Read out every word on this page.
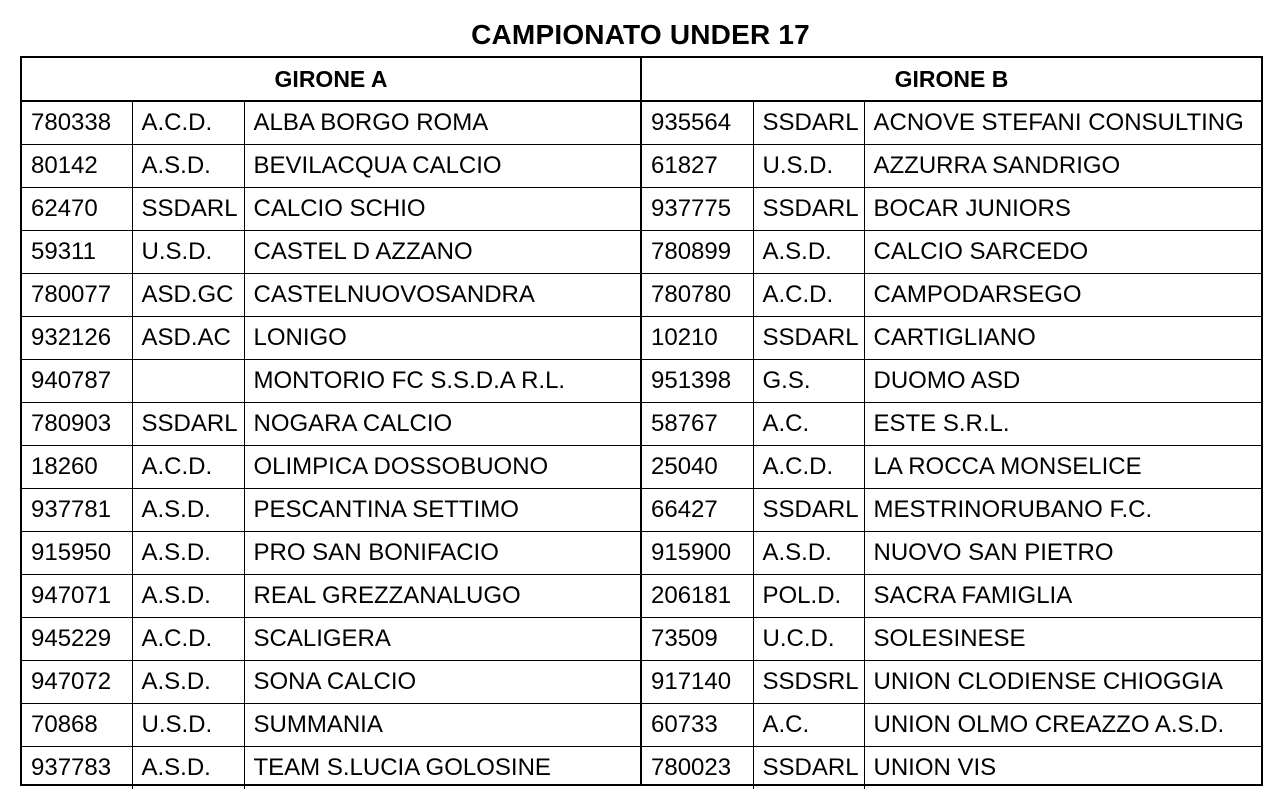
CAMPIONATO UNDER 17
GIRONE A		
780338	A.C.D.	ALBA BORGO ROMA
80142	A.S.D.	BEVILACQUA CALCIO
62470	SSDARL	CALCIO SCHIO
59311	U.S.D.	CASTEL D AZZANO
780077	ASD.GC	CASTELNUOVOSANDRA
932126	ASD.AC	LONIGO
940787		MONTORIO FC S.S.D.A R.L.
780903	SSDARL	NOGARA CALCIO
18260	A.C.D.	OLIMPICA DOSSOBUONO
937781	A.S.D.	PESCANTINA SETTIMO
915950	A.S.D.	PRO SAN BONIFACIO
947071	A.S.D.	REAL GREZZANALUGO
945229	A.C.D.	SCALIGERA
947072	A.S.D.	SONA CALCIO
70868	U.S.D.	SUMMANIA
937783	A.S.D.	TEAM S.LUCIA GOLOSINE
GIRONE B		
935564	SSDARL	ACNOVE STEFANI CONSULTING
61827	U.S.D.	AZZURRA SANDRIGO
937775	SSDARL	BOCAR JUNIORS
780899	A.S.D.	CALCIO SARCEDO
780780	A.C.D.	CAMPODARSEGO
10210	SSDARL	CARTIGLIANO
951398	G.S.	DUOMO ASD
58767	A.C.	ESTE S.R.L.
25040	A.C.D.	LA ROCCA MONSELICE
66427	SSDARL	MESTRINORUBANO F.C.
915900	A.S.D.	NUOVO SAN PIETRO
206181	POL.D.	SACRA FAMIGLIA
73509	U.C.D.	SOLESINESE
917140	SSDSRL	UNION CLODIENSE CHIOGGIA
60733	A.C.	UNION OLMO CREAZZO A.S.D.
780023	SSDARL	UNION VIS
